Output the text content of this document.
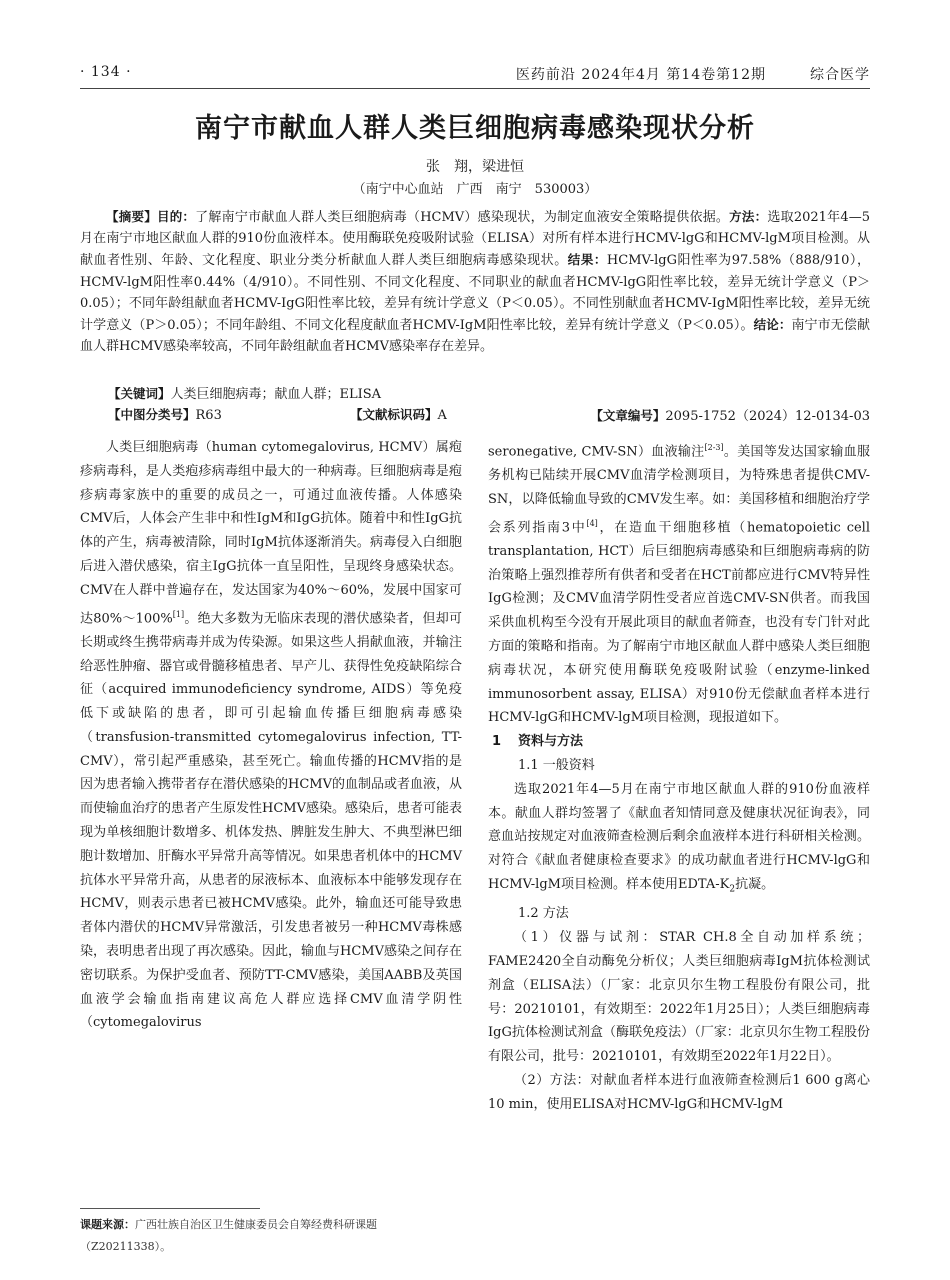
· 134 ·	医药前沿 2024年4月 第14卷第12期	综合医学
南宁市献血人群人类巨细胞病毒感染现状分析
张　翔，梁进恒
（南宁中心血站　广西　南宁　530003）
【摘要】目的：了解南宁市献血人群人类巨细胞病毒（HCMV）感染现状，为制定血液安全策略提供依据。方法：选取2021年4—5月在南宁市地区献血人群的910份血液样本。使用酶联免疫吸附试验（ELISA）对所有样本进行HCMV-lgG和HCMV-lgM项目检测。从献血者性别、年龄、文化程度、职业分类分析献血人群人类巨细胞病毒感染现状。结果：HCMV-lgG阳性率为97.58%（888/910），HCMV-lgM阳性率0.44%（4/910）。不同性别、不同文化程度、不同职业的献血者HCMV-lgG阳性率比较，差异无统计学意义（P＞0.05）；不同年龄组献血者HCMV-IgG阳性率比较，差异有统计学意义（P＜0.05）。不同性别献血者HCMV-IgM阳性率比较，差异无统计学意义（P＞0.05）；不同年龄组、不同文化程度献血者HCMV-IgM阳性率比较，差异有统计学意义（P＜0.05）。结论：南宁市无偿献血人群HCMV感染率较高，不同年龄组献血者HCMV感染率存在差异。
【关键词】人类巨细胞病毒；献血人群；ELISA
【中图分类号】R63	【文献标识码】A	【文章编号】2095-1752（2024）12-0134-03

人类巨细胞病毒（human cytomegalovirus, HCMV）属疱疹病毒科，是人类疱疹病毒组中最大的一种病毒。巨细胞病毒是疱疹病毒家族中的重要的成员之一，可通过血液传播。人体感染CMV后，人体会产生非中和性IgM和IgG抗体。随着中和性IgG抗体的产生，病毒被清除，同时IgM抗体逐渐消失。病毒侵入白细胞后进入潜伏感染，宿主IgG抗体一直呈阳性，呈现终身感染状态。CMV在人群中普遍存在，发达国家为40%～60%，发展中国家可达80%～100%[1]。绝大多数为无临床表现的潜伏感染者，但却可长期或终生携带病毒并成为传染源。如果这些人捐献血液，并输注给恶性肿瘤、器官或骨髓移植患者、早产儿、获得性免疫缺陷综合征（acquired immunodeficiency syndrome, AIDS）等免疫低下或缺陷的患者，即可引起输血传播巨细胞病毒感染（transfusion-transmitted cytomegalovirus infection, TT-CMV），常引起严重感染，甚至死亡。输血传播的HCMV指的是因为患者输入携带者存在潜伏感染的HCMV的血制品或者血液，从而使输血治疗的患者产生原发性HCMV感染。感染后，患者可能表现为单核细胞计数增多、机体发热、脾脏发生肿大、不典型淋巴细胞计数增加、肝酶水平异常升高等情况。如果患者机体中的HCMV抗体水平异常升高，从患者的尿液标本、血液标本中能够发现存在HCMV，则表示患者已被HCMV感染。此外，输血还可能导致患者体内潜伏的HCMV异常激活，引发患者被另一种HCMV毒株感染，表明患者出现了再次感染。因此，输血与HCMV感染之间存在密切联系。为保护受血者、预防TT-CMV感染，美国AABB及英国血液学会输血指南建议高危人群应选择CMV血清学阴性（cytomegalovirus

seronegative, CMV-SN）血液输注[2-3]。美国等发达国家输血服务机构已陆续开展CMV血清学检测项目，为特殊患者提供CMV-SN，以降低输血导致的CMV发生率。如：美国移植和细胞治疗学会系列指南3中[4]，在造血干细胞移植（hematopoietic cell transplantation, HCT）后巨细胞病毒感染和巨细胞病毒病的防治策略上强烈推荐所有供者和受者在HCT前都应进行CMV特异性IgG检测；及CMV血清学阴性受者应首选CMV-SN供者。而我国采供血机构至今没有开展此项目的献血者筛查，也没有专门针对此方面的策略和指南。为了解南宁市地区献血人群中感染人类巨细胞病毒状况，本研究使用酶联免疫吸附试验（enzyme-linked immunosorbent assay, ELISA）对910份无偿献血者样本进行HCMV-lgG和HCMV-lgM项目检测，现报道如下。

1 资料与方法

1.1 一般资料

选取2021年4—5月在南宁市地区献血人群的910份血液样本。献血人群均签署了《献血者知情同意及健康状况征询表》，同意血站按规定对血液筛查检测后剩余血液样本进行科研相关检测。对符合《献血者健康检查要求》的成功献血者进行HCMV-lgG和HCMV-lgM项目检测。样本使用EDTA-$K_2$抗凝。

1.2 方法

（1）仪器与试剂：STAR CH.8全自动加样系统；FAME2420全自动酶免分析仪；人类巨细胞病毒IgM抗体检测试剂盒（ELISA法）（厂家：北京贝尔生物工程股份有限公司，批号：20210101，有效期至：2022年1月25日）；人类巨细胞病毒IgG抗体检测试剂盒（酶联免疫法）（厂家：北京贝尔生物工程股份有限公司，批号：20210101，有效期至2022年1月22日）。

（2）方法：对献血者样本进行血液筛查检测后1 600 g离心10 min，使用ELISA对HCMV-lgG和HCMV-lgM

课题来源：广西壮族自治区卫生健康委员会自筹经费科研课题（Z20211338）。
